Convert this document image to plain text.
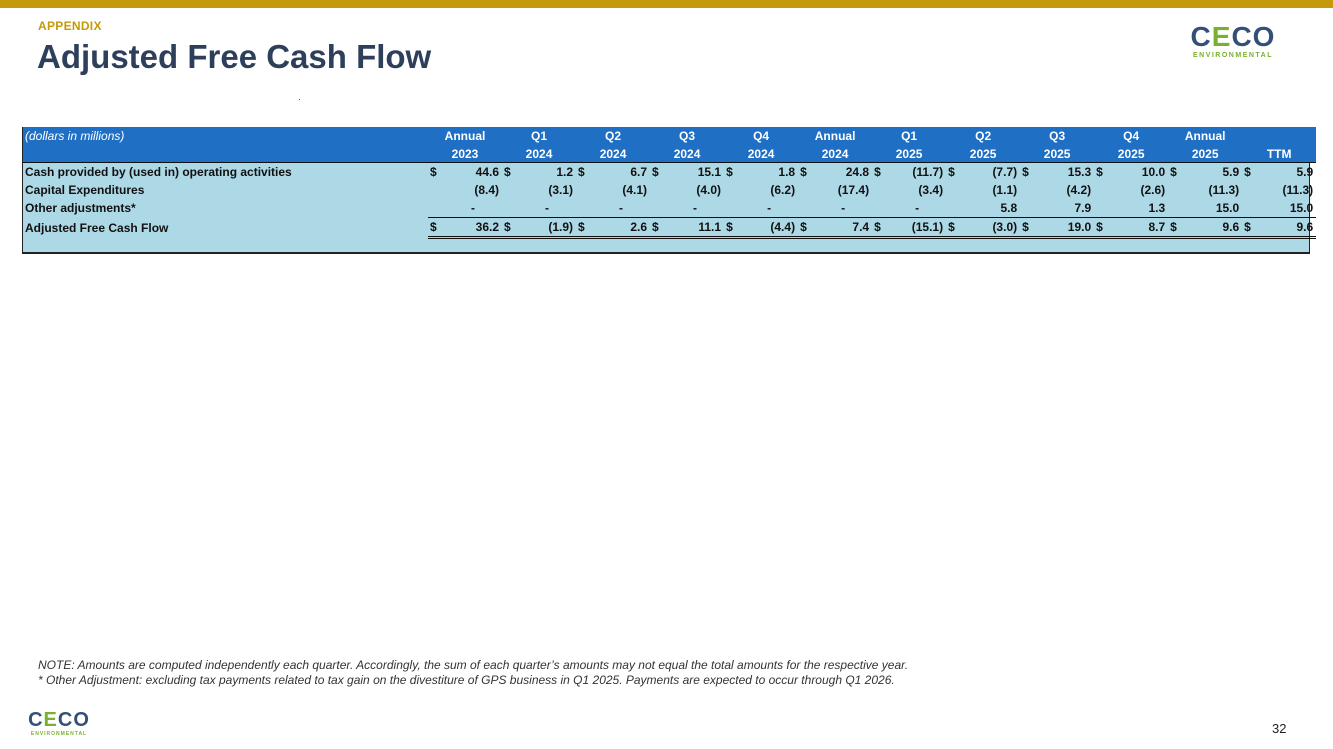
APPENDIX
Adjusted Free Cash Flow
CECO
ENVIRONMENTAL
(dollars in millions)	Annual		Q1		Q2		Q3		Q4		Annual		Q1		Q2		Q3		Q4		Annual			
	2023		2024		2024		2024		2024		2024		2025		2025		2025		2025		2025		TTM	
Cash provided by (used in) operating activities	$	44.6	$	1.2	$	6.7	$	15.1	$	1.8	$	24.8	$	(11.7)	$	(7.7)	$	15.3	$	10.0	$	5.9	$	5.9
Capital Expenditures		(8.4)		(3.1)		(4.1)		(4.0)		(6.2)		(17.4)		(3.4)		(1.1)		(4.2)		(2.6)		(11.3)		(11.3)
Other adjustments*		-		-		-		-		-		-		-		5.8		7.9		1.3		15.0		15.0
Adjusted Free Cash Flow	$	36.2	$	(1.9)	$	2.6	$	11.1	$	(4.4)	$	7.4	$	(15.1)	$	(3.0)	$	19.0	$	8.7	$	9.6	$	9.6
NOTE: Amounts are computed independently each quarter. Accordingly, the sum of each quarter’s amounts may not equal the total amounts for the respective year.
* Other Adjustment: excluding tax payments related to tax gain on the divestiture of GPS business in Q1 2025. Payments are expected to occur through Q1 2026.
CECO
ENVIRONMENTAL	32
